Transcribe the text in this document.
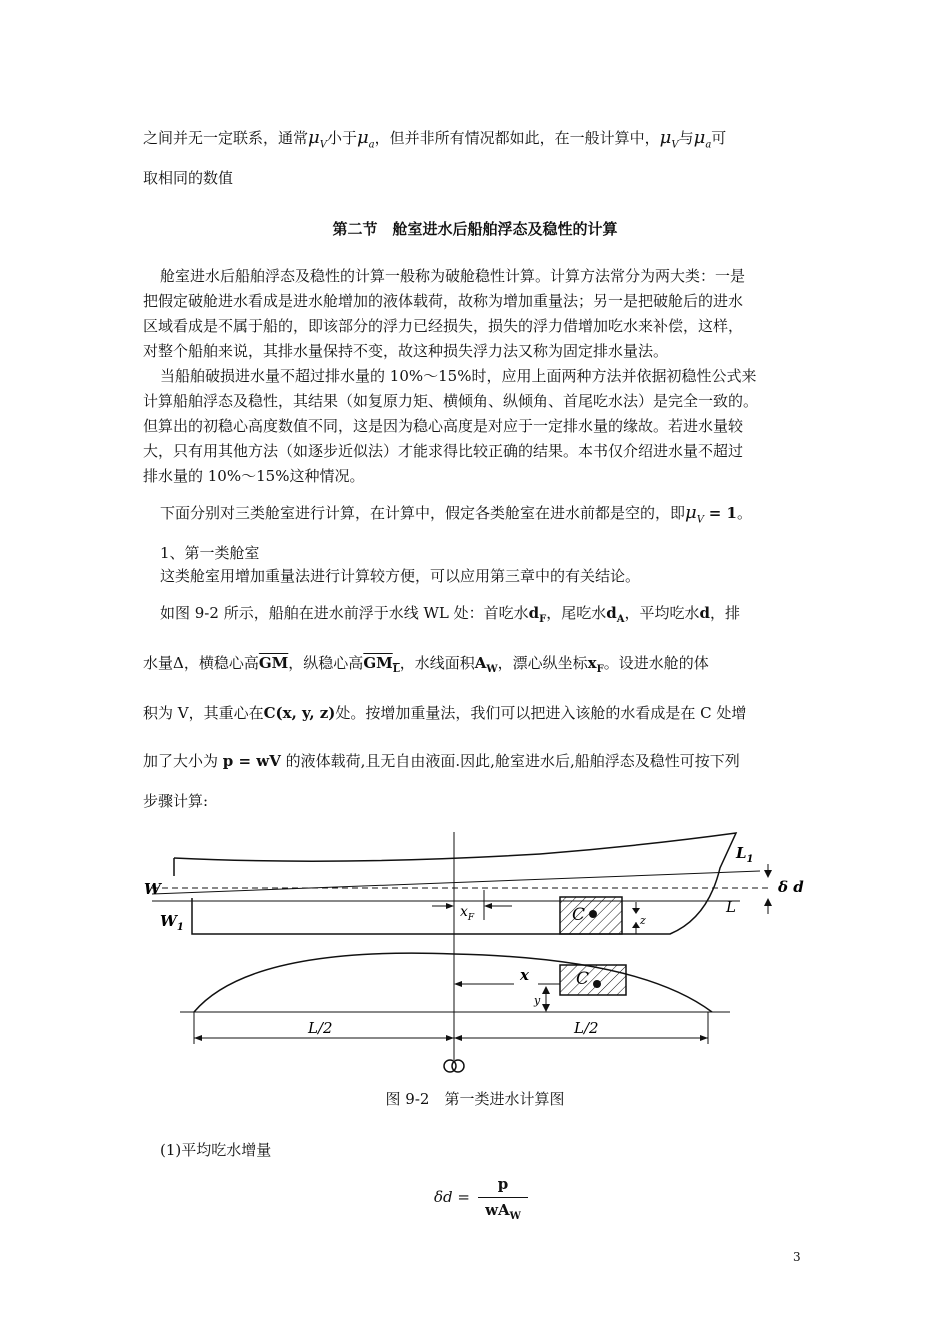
之间并无一定联系，通常$\mu_V$小于$\mu_a$，但并非所有情况都如此，在一般计算中，$\mu_V$与$\mu_a$可
取相同的数值
第二节　舱室进水后船舶浮态及稳性的计算
舱室进水后船舶浮态及稳性的计算一般称为破舱稳性计算。计算方法常分为两大类：一是
把假定破舱进水看成是进水舱增加的液体载荷，故称为增加重量法；另一是把破舱后的进水
区域看成是不属于船的，即该部分的浮力已经损失，损失的浮力借增加吃水来补偿，这样，
对整个船舶来说，其排水量保持不变，故这种损失浮力法又称为固定排水量法。
当船舶破损进水量不超过排水量的 10%～15%时，应用上面两种方法并依据初稳性公式来
计算船舶浮态及稳性，其结果（如复原力矩、横倾角、纵倾角、首尾吃水法）是完全一致的。
但算出的初稳心高度数值不同，这是因为稳心高度是对应于一定排水量的缘故。若进水量较
大，只有用其他方法（如逐步近似法）才能求得比较正确的结果。本书仅介绍进水量不超过
排水量的 10%～15%这种情况。
下面分别对三类舱室进行计算，在计算中，假定各类舱室在进水前都是空的，即$\mu_V = 1$。
1、第一类舱室
这类舱室用增加重量法进行计算较方便，可以应用第三章中的有关结论。
如图 9-2 所示，船舶在进水前浮于水线 WL 处：首吃水$d_F$，尾吃水$d_A$，平均吃水d，排
水量Δ，横稳心高$\overline{GM}$，纵稳心高$GM_L$，水线面积$A_W$，漂心纵坐标$x_F$。设进水舱的体
积为 V，其重心在C(x, y, z)处。按增加重量法，我们可以把进入该舱的水看成是在 C 处增
加了大小为 p = wV 的液体载荷,且无自由液面.因此,舱室进水后,船舶浮态及稳性可按下列
步骤计算:
$L_1$
δ d
W
$W_1$
$x_F$	C	L
z
x	C
y
L/2	L/2
图 9-2　第一类进水计算图
(1)平均吃水增量
δd =
p
$wA_W$
3
